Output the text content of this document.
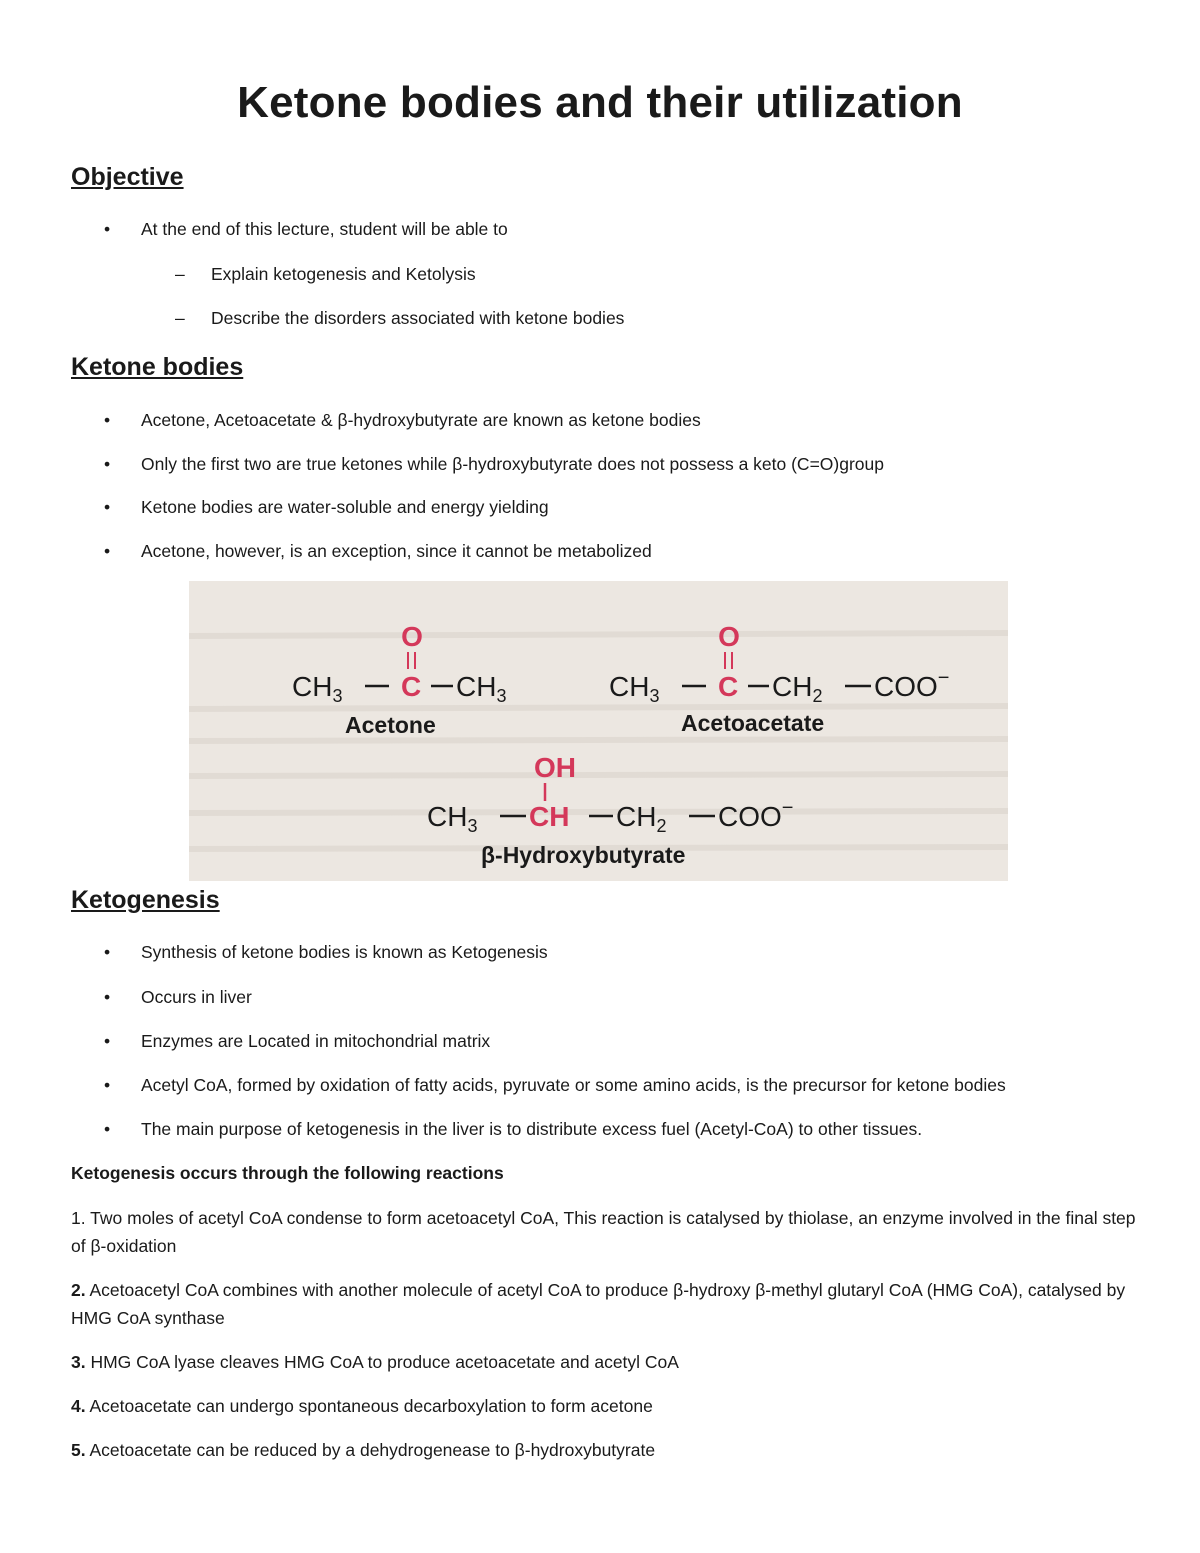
Ketone bodies and their utilization
Objective
•	At the end of this lecture, student will be able to
– Explain ketogenesis and Ketolysis
– Describe the disorders associated with ketone bodies
Ketone bodies
•	Acetone, Acetoacetate & β-hydroxybutyrate are known as ketone bodies
•	Only the first two are true ketones while β-hydroxybutyrate does not possess a keto (C=O)group
•	Ketone bodies are water-soluble and energy yielding
•	Acetone, however, is an exception, since it cannot be metabolized
O
$CH_3$ C $CH_3$
Acetone
O
$CH_3$ C $CH_2$ COO−
Acetoacetate
OH
$CH_3$ CH $CH_2$ COO−
β-Hydroxybutyrate
Ketogenesis
•	Synthesis of ketone bodies is known as Ketogenesis
•	Occurs in liver
•	Enzymes are Located in mitochondrial matrix
•	Acetyl CoA, formed by oxidation of fatty acids, pyruvate or some amino acids, is the precursor for ketone bodies
•	The main purpose of ketogenesis in the liver is to distribute excess fuel (Acetyl-CoA) to other tissues.
Ketogenesis occurs through the following reactions
1. Two moles of acetyl CoA condense to form acetoacetyl CoA, This reaction is catalysed by thiolase, an enzyme involved in the final step of β-oxidation
2. Acetoacetyl CoA combines with another molecule of acetyl CoA to produce β-hydroxy β-methyl glutaryl CoA (HMG CoA), catalysed by HMG CoA synthase
3. HMG CoA lyase cleaves HMG CoA to produce acetoacetate and acetyl CoA
4. Acetoacetate can undergo spontaneous decarboxylation to form acetone
5. Acetoacetate can be reduced by a dehydrogenease to β-hydroxybutyrate
